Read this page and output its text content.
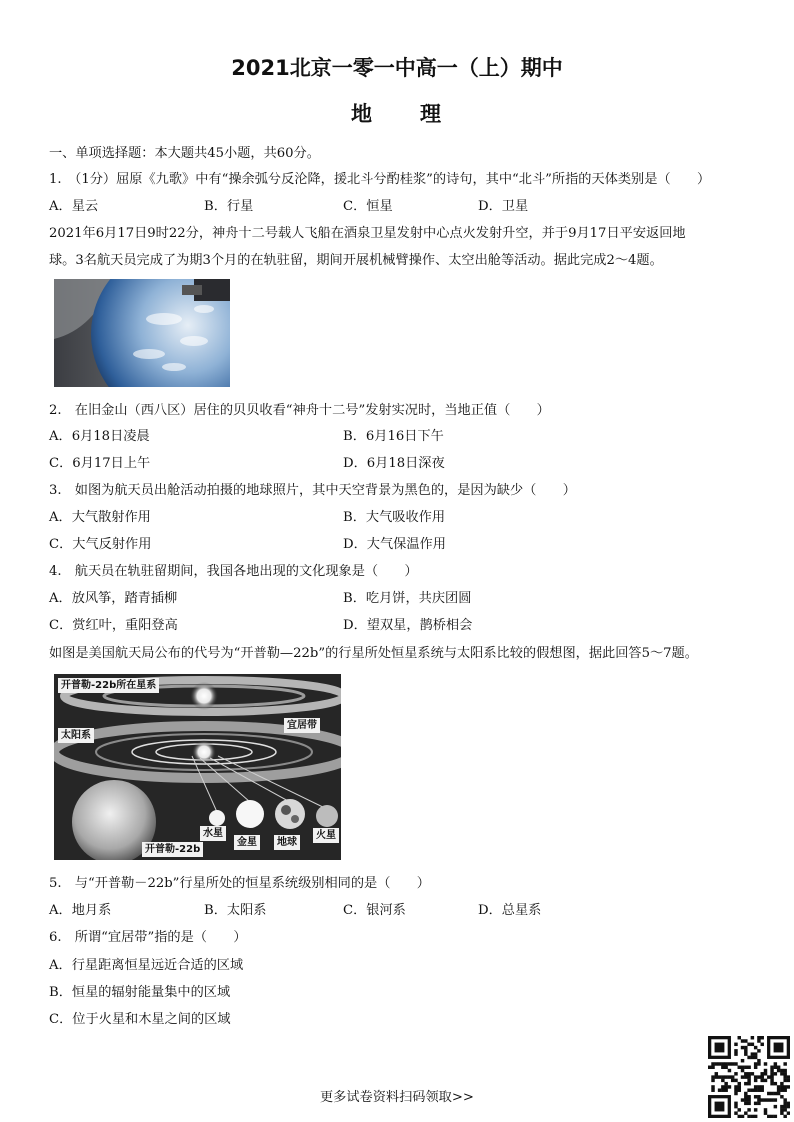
2021北京一零一中高一（上）期中
地　　理
一、单项选择题：本大题共45小题，共60分。
1.　（1分）屈原《九歌》中有“操余弧兮反沦降，援北斗兮酌桂浆”的诗句，其中“北斗”所指的天体类别是（　　）
A．星云	B．行星	C．恒星	D．卫星
2021年6月17日9时22分，神舟十二号载人飞船在酒泉卫星发射中心点火发射升空，并于9月17日平安返回地
球。3名航天员完成了为期3个月的在轨驻留，期间开展机械臂操作、太空出舱等活动。据此完成2～4题。
2.　在旧金山（西八区）居住的贝贝收看“神舟十二号”发射实况时，当地正值（　　）
A．6月18日凌晨	B．6月16日下午
C．6月17日上午	D．6月18日深夜
3.　如图为航天员出舱活动拍摄的地球照片，其中天空背景为黑色的，是因为缺少（　　）
A．大气散射作用	B．大气吸收作用
C．大气反射作用	D．大气保温作用
4.　航天员在轨驻留期间，我国各地出现的文化现象是（　　）
A．放风筝，踏青插柳	B．吃月饼，共庆团圆
C．赏红叶，重阳登高	D．望双星，鹊桥相会
如图是美国航天局公布的代号为“开普勒—22b”的行星所处恒星系统与太阳系比较的假想图，据此回答5～7题。
开普勒-22b所在星系
宜居带
太阳系
水星
金星	地球
火星
开普勒-22b
5.　与“开普勒－22b”行星所处的恒星系统级别相同的是（　　）
A．地月系	B．太阳系	C．银河系	D．总星系
6.　所谓“宜居带”指的是（　　）
A．行星距离恒星远近合适的区域
B．恒星的辐射能量集中的区域
C．位于火星和木星之间的区域
更多试卷资料扫码领取>>
